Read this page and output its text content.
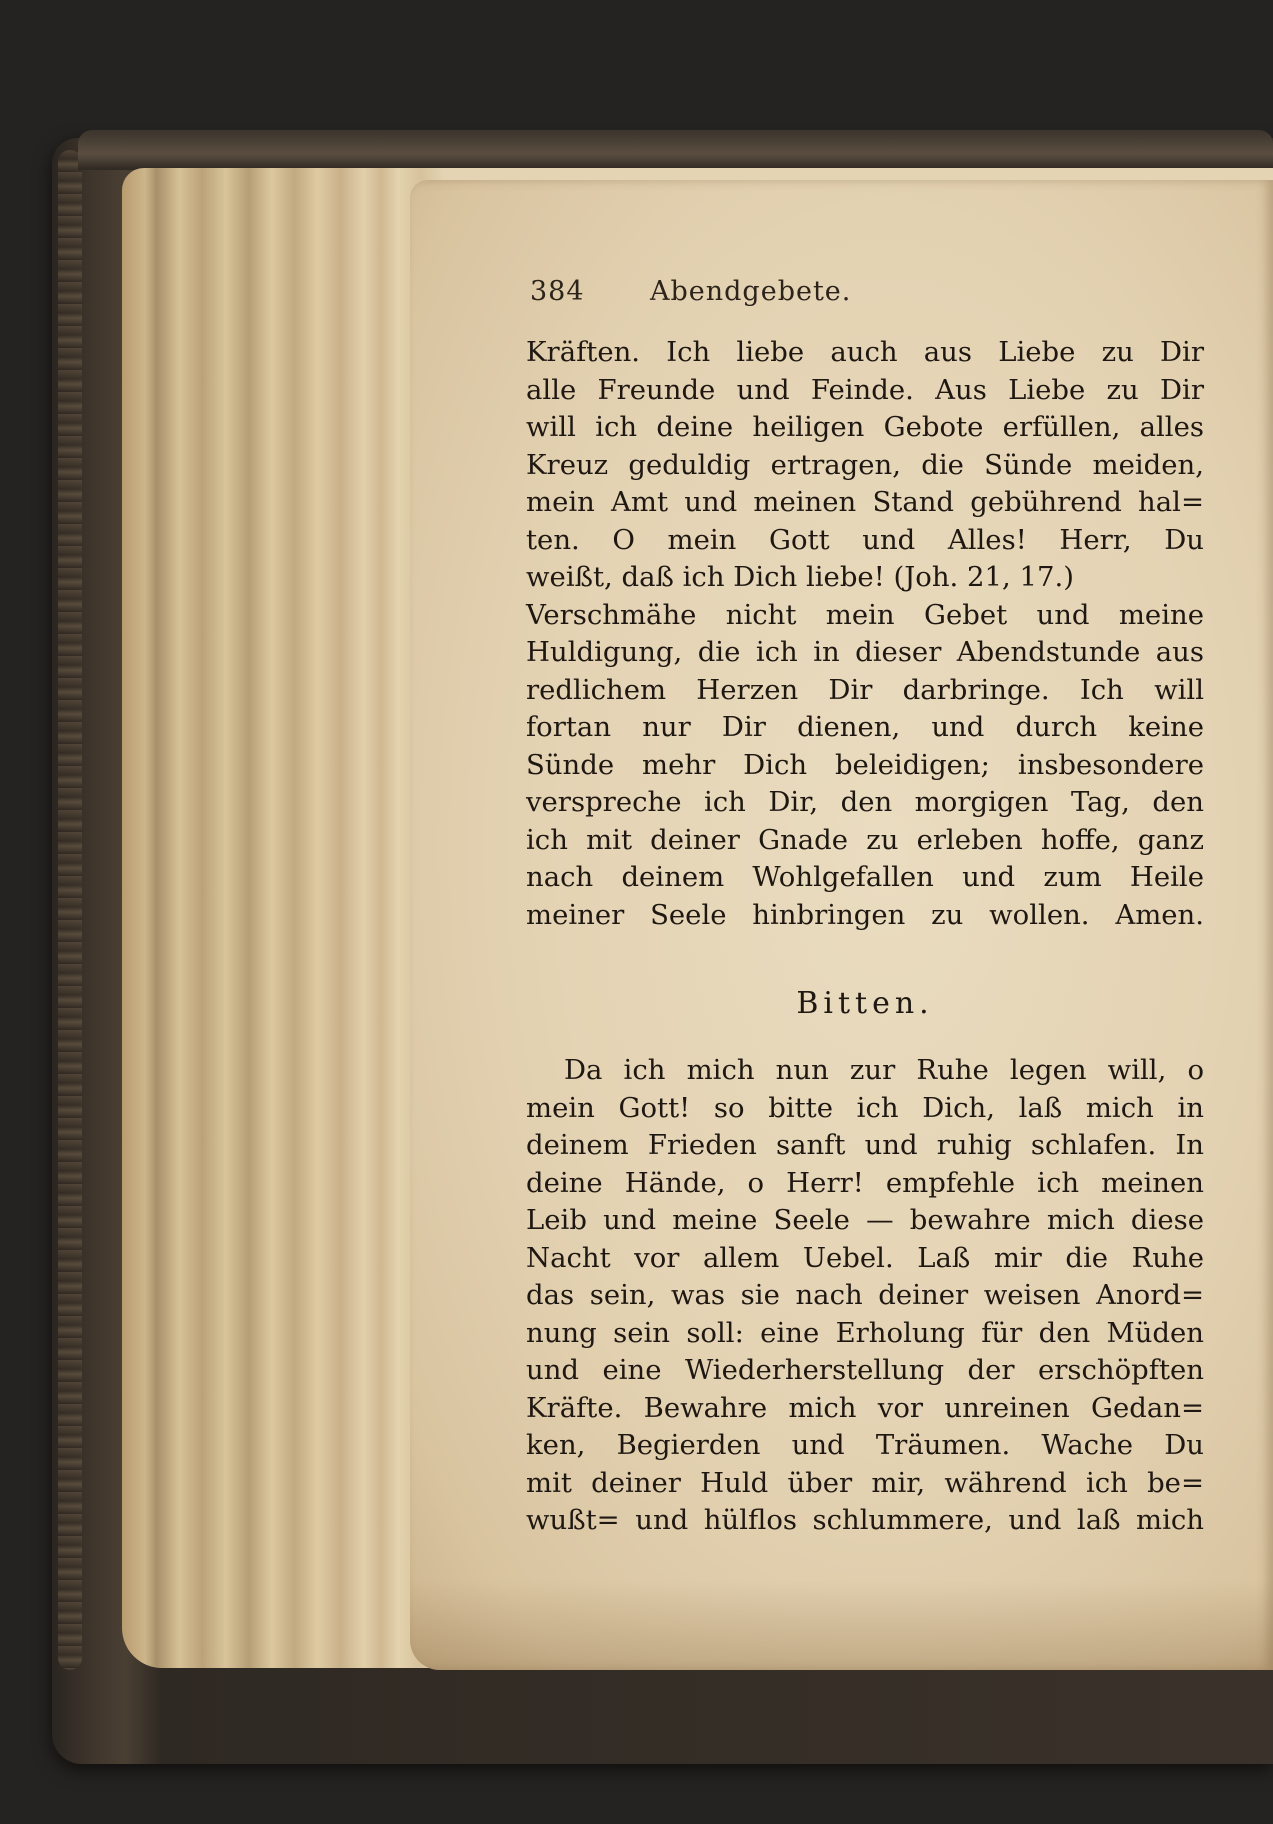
384 Abendgebete.
Kräften. Ich liebe auch aus Liebe zu Dir
alle Freunde und Feinde. Aus Liebe zu Dir
will ich deine heiligen Gebote erfüllen, alles
Kreuz geduldig ertragen, die Sünde meiden,
mein Amt und meinen Stand gebührend hal=
ten. O mein Gott und Alles! Herr, Du
weißt, daß ich Dich liebe! (Joh. 21, 17.)
Verschmähe nicht mein Gebet und meine
Huldigung, die ich in dieser Abendstunde aus
redlichem Herzen Dir darbringe. Ich will
fortan nur Dir dienen, und durch keine
Sünde mehr Dich beleidigen; insbesondere
verspreche ich Dir, den morgigen Tag, den
ich mit deiner Gnade zu erleben hoffe, ganz
nach deinem Wohlgefallen und zum Heile
meiner Seele hinbringen zu wollen. Amen.
Bitten.
Da ich mich nun zur Ruhe legen will, o
mein Gott! so bitte ich Dich, laß mich in
deinem Frieden sanft und ruhig schlafen. In
deine Hände, o Herr! empfehle ich meinen
Leib und meine Seele — bewahre mich diese
Nacht vor allem Uebel. Laß mir die Ruhe
das sein, was sie nach deiner weisen Anord=
nung sein soll: eine Erholung für den Müden
und eine Wiederherstellung der erschöpften
Kräfte. Bewahre mich vor unreinen Gedan=
ken, Begierden und Träumen. Wache Du
mit deiner Huld über mir, während ich be=
wußt= und hülflos schlummere, und laß mich
